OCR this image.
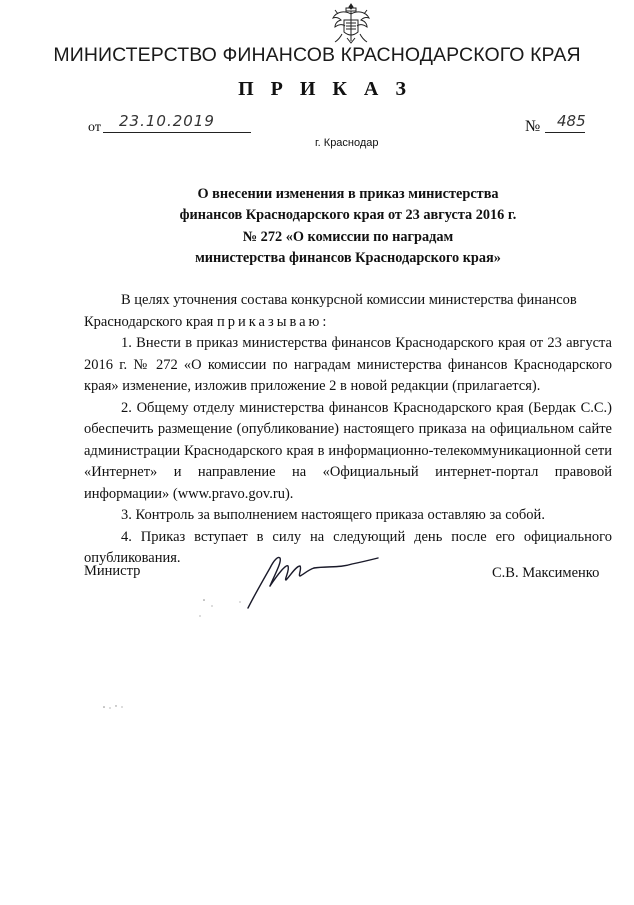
МИНИСТЕРСТВО ФИНАНСОВ КРАСНОДАРСКОГО КРАЯ
П Р И К А З
от 23.10.2019	№ 485
г. Краснодар
О внесении изменения в приказ министерства
финансов Краснодарского края от 23 августа 2016 г.
№ 272 «О комиссии по наградам
министерства финансов Краснодарского края»

В целях уточнения состава конкурсной комиссии министерства финансов

Краснодарского края приказываю:

1. Внести в приказ министерства финансов Краснодарского края от 23 августа 2016 г. № 272 «О комиссии по наградам министерства финансов Краснодарского края» изменение, изложив приложение 2 в новой редакции (прилагается).

2. Общему отделу министерства финансов Краснодарского края (Бердак С.С.) обеспечить размещение (опубликование) настоящего приказа на официальном сайте администрации Краснодарского края в информационно-телекоммуникационной сети «Интернет» и направление на «Официальный интернет-портал правовой информации» (www.pravo.gov.ru).

3. Контроль за выполнением настоящего приказа оставляю за собой.

4. Приказ вступает в силу на следующий день после его официального опубликования.

Министр	С.В. Максименко
